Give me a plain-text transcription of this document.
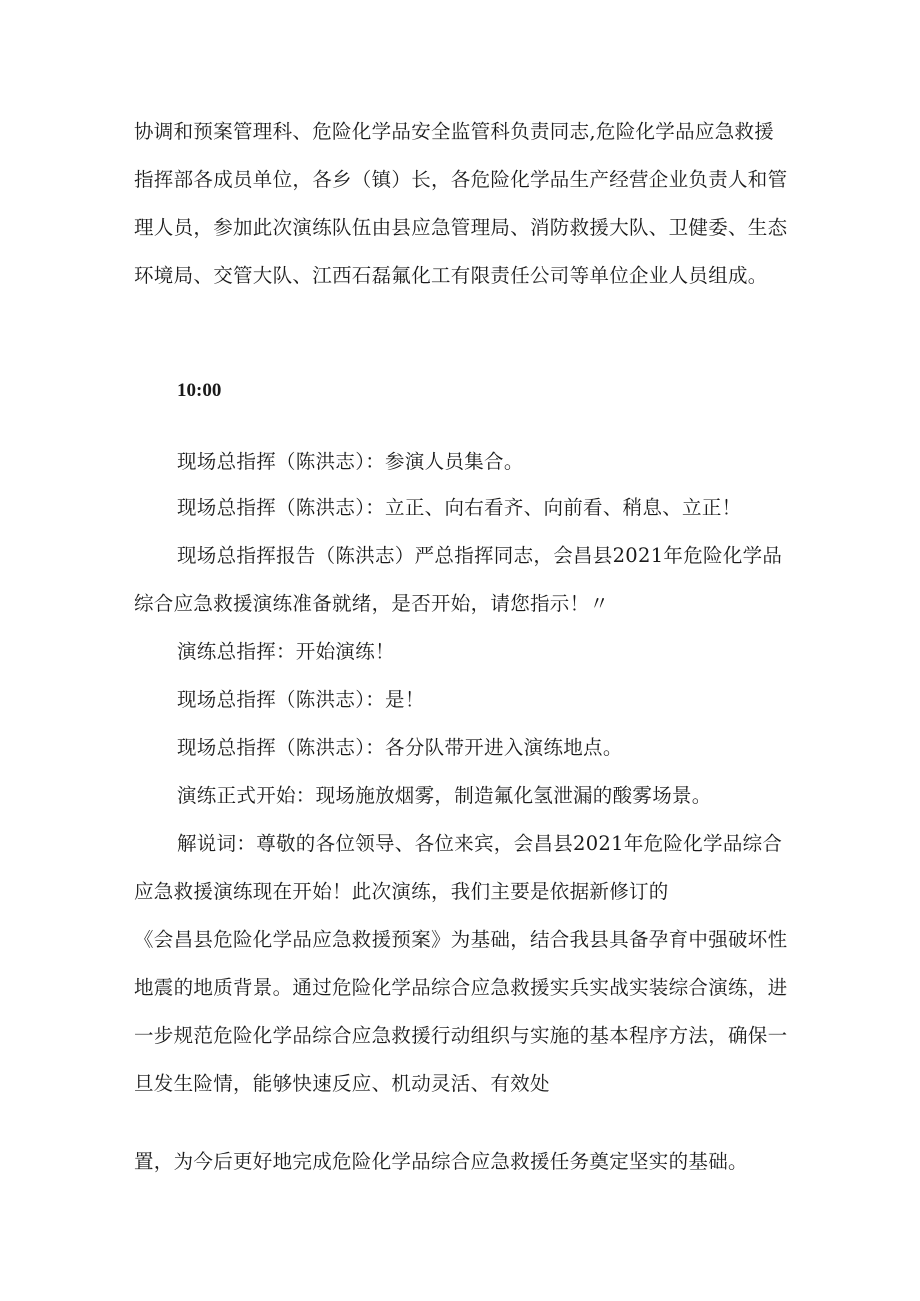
协调和预案管理科、危险化学品安全监管科负责同志,危险化学品应急救援
指挥部各成员单位，各乡（镇）长，各危险化学品生产经营企业负责人和管
理人员，参加此次演练队伍由县应急管理局、消防救援大队、卫健委、生态
环境局、交管大队、江西石磊氟化工有限责任公司等单位企业人员组成。
10:00
现场总指挥（陈洪志）：参演人员集合。
现场总指挥（陈洪志）：立正、向右看齐、向前看、稍息、立正！
现场总指挥报告（陈洪志）严总指挥同志，会昌县2021年危险化学品
综合应急救援演练准备就绪，是否开始，请您指示！〃
演练总指挥：开始演练！
现场总指挥（陈洪志）：是！
现场总指挥（陈洪志）：各分队带开进入演练地点。
演练正式开始：现场施放烟雾，制造氟化氢泄漏的酸雾场景。
解说词：尊敬的各位领导、各位来宾，会昌县2021年危险化学品综合
应急救援演练现在开始！此次演练，我们主要是依据新修订的
《会昌县危险化学品应急救援预案》为基础，结合我县具备孕育中强破坏性
地震的地质背景。通过危险化学品综合应急救援实兵实战实装综合演练，进
一步规范危险化学品综合应急救援行动组织与实施的基本程序方法，确保一
旦发生险情，能够快速反应、机动灵活、有效处
置，为今后更好地完成危险化学品综合应急救援任务奠定坚实的基础。
